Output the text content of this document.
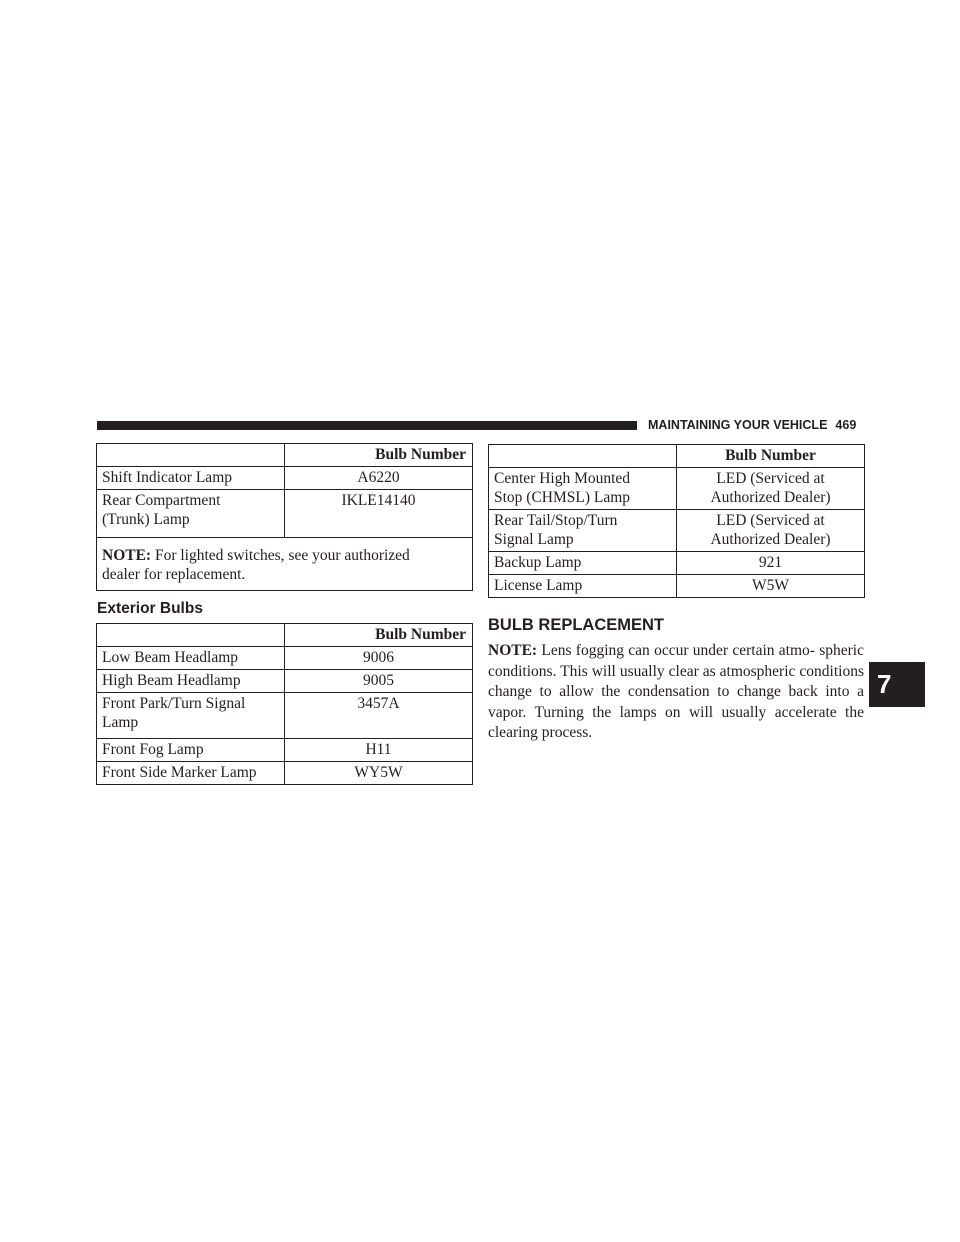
MAINTAINING YOUR VEHICLE 469
	Bulb Number
Shift Indicator Lamp	A6220
Rear Compartment
(Trunk) Lamp	IKLE14140
NOTE: For lighted switches, see your authorized
dealer for replacement.	
Exterior Bulbs
	Bulb Number
Low Beam Headlamp	9006
High Beam Headlamp	9005
Front Park/Turn Signal
Lamp	3457A
Front Fog Lamp	H11
Front Side Marker Lamp	WY5W
	Bulb Number
Center High Mounted
Stop (CHMSL) Lamp	LED (Serviced at
Authorized Dealer)
Rear Tail/Stop/Turn
Signal Lamp	LED (Serviced at
Authorized Dealer)
Backup Lamp	921
License Lamp	W5W
BULB REPLACEMENT
NOTE: Lens fogging can occur under certain atmo- spheric conditions. This will usually clear as atmospheric conditions change to allow the condensation to change back into a vapor. Turning the lamps on will usually accelerate the clearing process.
7
